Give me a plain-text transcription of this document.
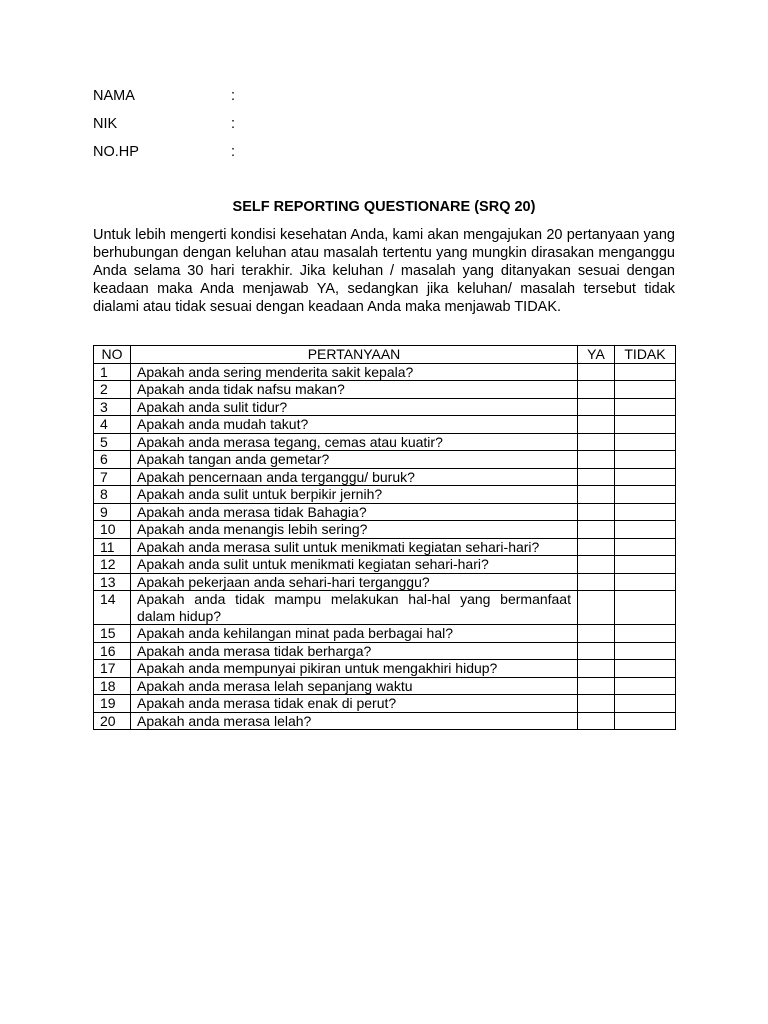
NAMA	:
NIK	:
NO.HP	:
SELF REPORTING QUESTIONARE (SRQ 20)

Untuk lebih mengerti kondisi kesehatan Anda, kami akan mengajukan 20 pertanyaan yang berhubungan dengan keluhan atau masalah tertentu yang mungkin dirasakan menganggu Anda selama 30 hari terakhir. Jika keluhan / masalah yang ditanyakan sesuai dengan keadaan maka Anda menjawab YA, sedangkan jika keluhan/ masalah tersebut tidak dialami atau tidak sesuai dengan keadaan Anda maka menjawab TIDAK.

NO	PERTANYAAN	YA	TIDAK
1	Apakah anda sering menderita sakit kepala?		
2	Apakah anda tidak nafsu makan?		
3	Apakah anda sulit tidur?		
4	Apakah anda mudah takut?		
5	Apakah anda merasa tegang, cemas atau kuatir?		
6	Apakah tangan anda gemetar?		
7	Apakah pencernaan anda terganggu/ buruk?		
8	Apakah anda sulit untuk berpikir jernih?		
9	Apakah anda merasa tidak Bahagia?		
10	Apakah anda menangis lebih sering?		
11	Apakah anda merasa sulit untuk menikmati kegiatan sehari-hari?		
12	Apakah anda sulit untuk menikmati kegiatan sehari-hari?		
13	Apakah pekerjaan anda sehari-hari terganggu?		
14	Apakah anda tidak mampu melakukan hal-hal yang bermanfaat dalam hidup?		
15	Apakah anda kehilangan minat pada berbagai hal?		
16	Apakah anda merasa tidak berharga?		
17	Apakah anda mempunyai pikiran untuk mengakhiri hidup?		
18	Apakah anda merasa lelah sepanjang waktu		
19	Apakah anda merasa tidak enak di perut?		
20	Apakah anda merasa lelah?		
